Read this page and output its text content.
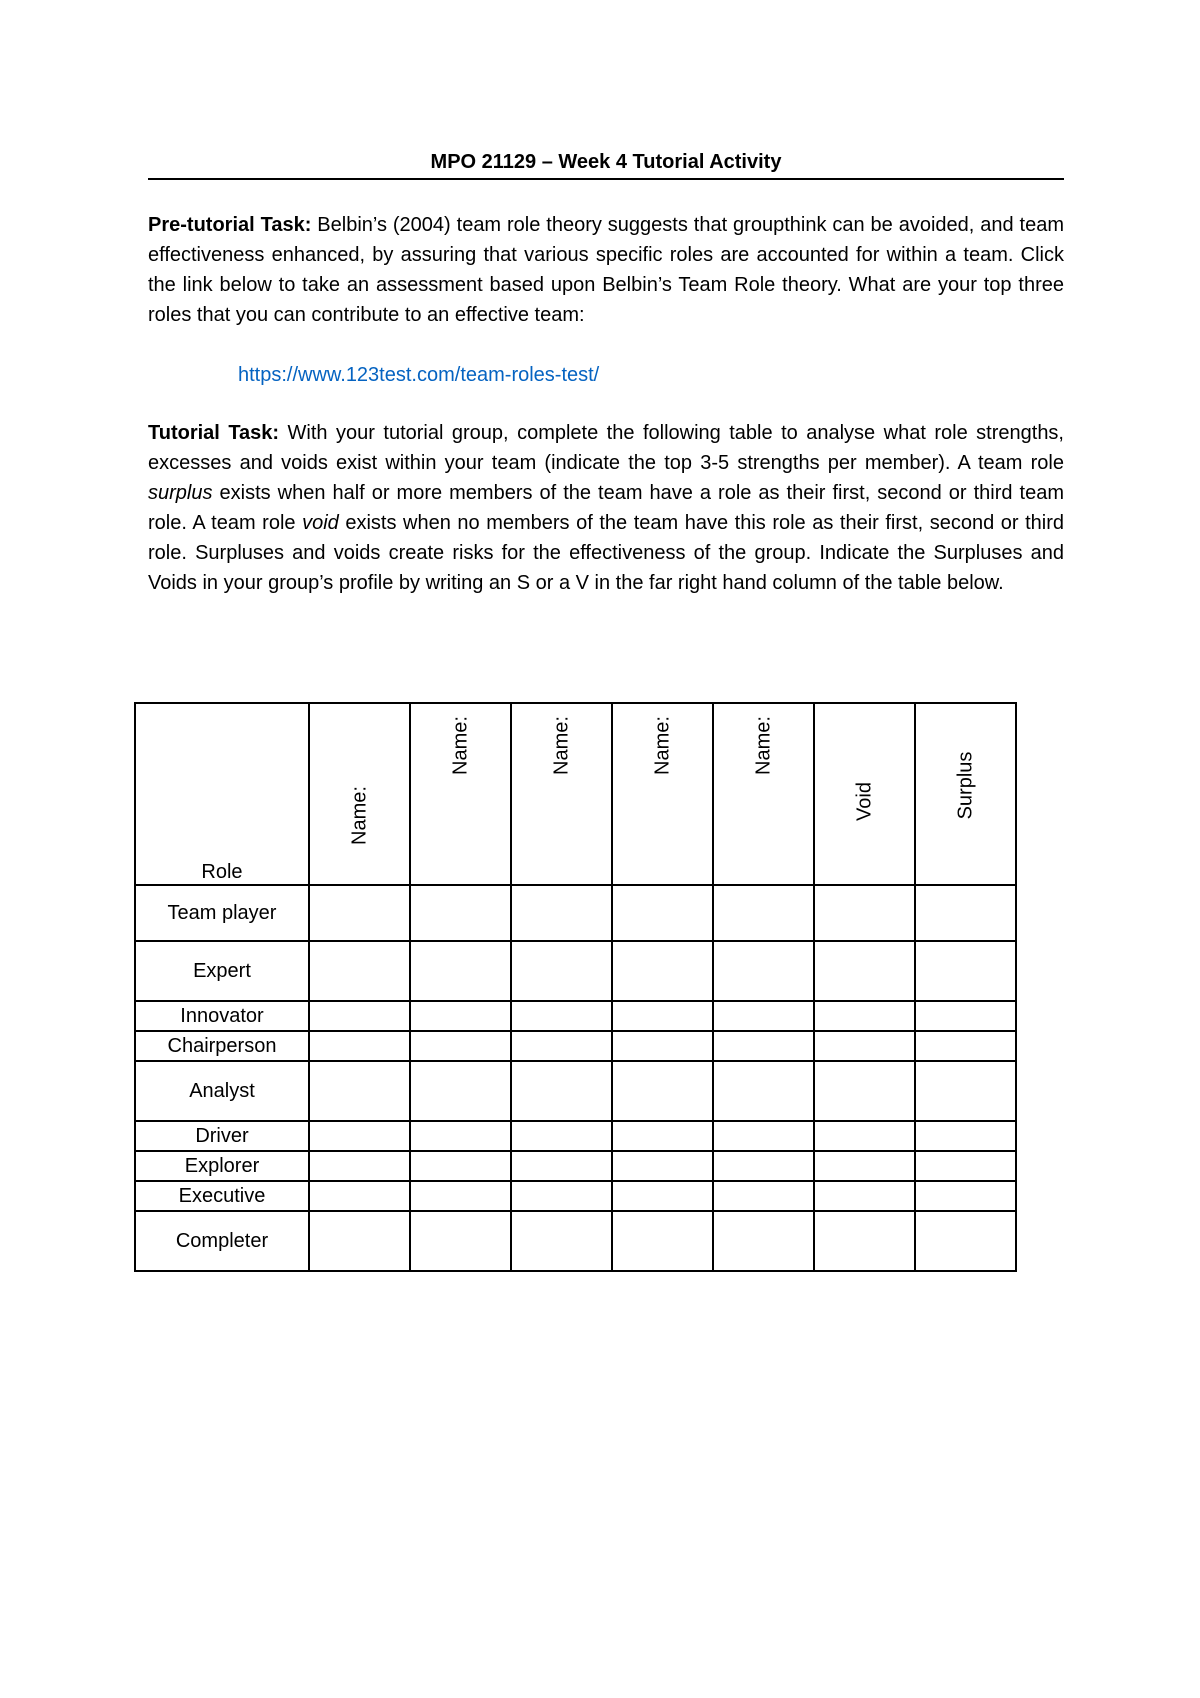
MPO 21129 – Week 4 Tutorial Activity

Pre-tutorial Task: Belbin’s (2004) team role theory suggests that groupthink can be avoided, and team effectiveness enhanced, by assuring that various specific roles are accounted for within a team. Click the link below to take an assessment based upon Belbin’s Team Role theory. What are your top three roles that you can contribute to an effective team:

https://www.123test.com/team-roles-test/

Tutorial Task: With your tutorial group, complete the following table to analyse what role strengths, excesses and voids exist within your team (indicate the top 3-5 strengths per member). A team role surplus exists when half or more members of the team have a role as their first, second or third team role. A team role void exists when no members of the team have this role as their first, second or third role. Surpluses and voids create risks for the effectiveness of the group. Indicate the Surpluses and Voids in your group’s profile by writing an S or a V in the far right hand column of the table below.

Role	Name:	Name:	Name:	Name:	Name:	Void	Surplus

Team player							
Expert							
Innovator							
Chairperson							
Analyst							
Driver							
Explorer							
Executive							
Completer							
